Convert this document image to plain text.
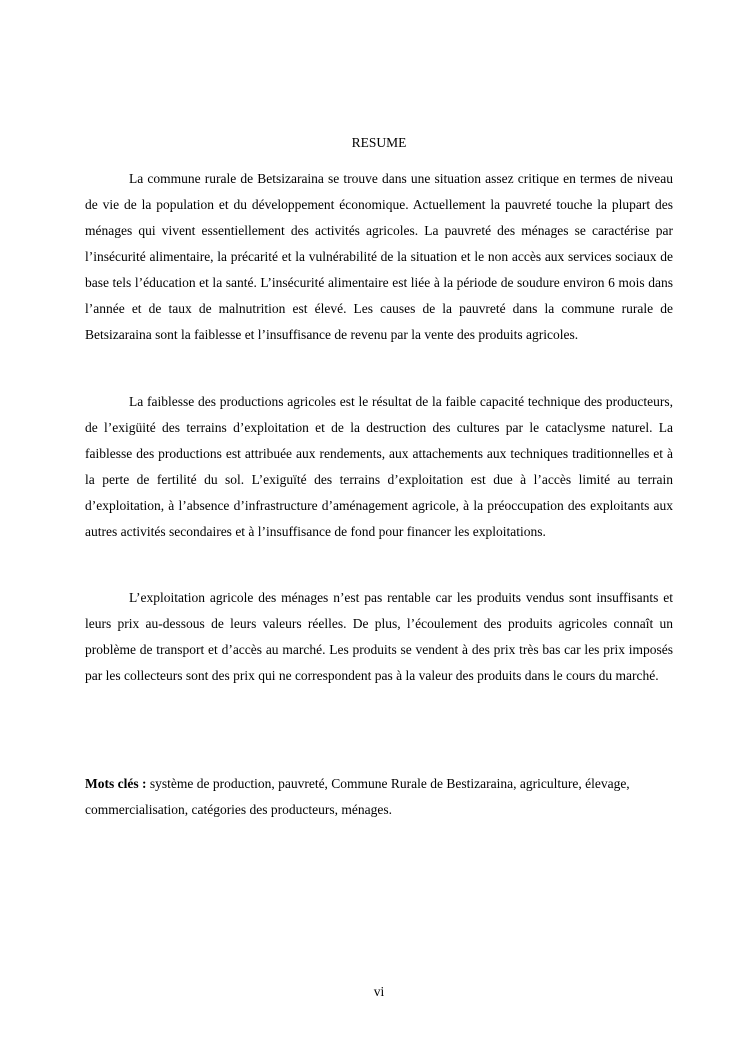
RESUME

La commune rurale de Betsizaraina se trouve dans une situation assez critique en termes de niveau de vie de la population et du développement économique. Actuellement la pauvreté touche la plupart des ménages qui vivent essentiellement des activités agricoles. La pauvreté des ménages se caractérise par l’insécurité alimentaire, la précarité et la vulnérabilité de la situation et le non accès aux services sociaux de base tels l’éducation et la santé. L’insécurité alimentaire est liée à la période de soudure environ 6 mois dans l’année et de taux de malnutrition est élevé. Les causes de la pauvreté dans la commune rurale de Betsizaraina sont la faiblesse et l’insuffisance de revenu par la vente des produits agricoles.

La faiblesse des productions agricoles est le résultat de la faible capacité technique des producteurs, de l’exigüité des terrains d’exploitation et de la destruction des cultures par le cataclysme naturel. La faiblesse des productions est attribuée aux rendements, aux attachements aux techniques traditionnelles et à la perte de fertilité du sol. L’exiguïté des terrains d’exploitation est due à l’accès limité au terrain d’exploitation, à l’absence d’infrastructure d’aménagement agricole, à la préoccupation des exploitants aux autres activités secondaires et à l’insuffisance de fond pour financer les exploitations.

L’exploitation agricole des ménages n’est pas rentable car les produits vendus sont insuffisants et leurs prix au-dessous de leurs valeurs réelles. De plus, l’écoulement des produits agricoles connaît un problème de transport et d’accès au marché. Les produits se vendent à des prix très bas car les prix imposés par les collecteurs sont des prix qui ne correspondent pas à la valeur des produits dans le cours du marché.

Mots clés : système de production, pauvreté, Commune Rurale de Bestizaraina, agriculture, élevage, commercialisation, catégories des producteurs, ménages.

vi
